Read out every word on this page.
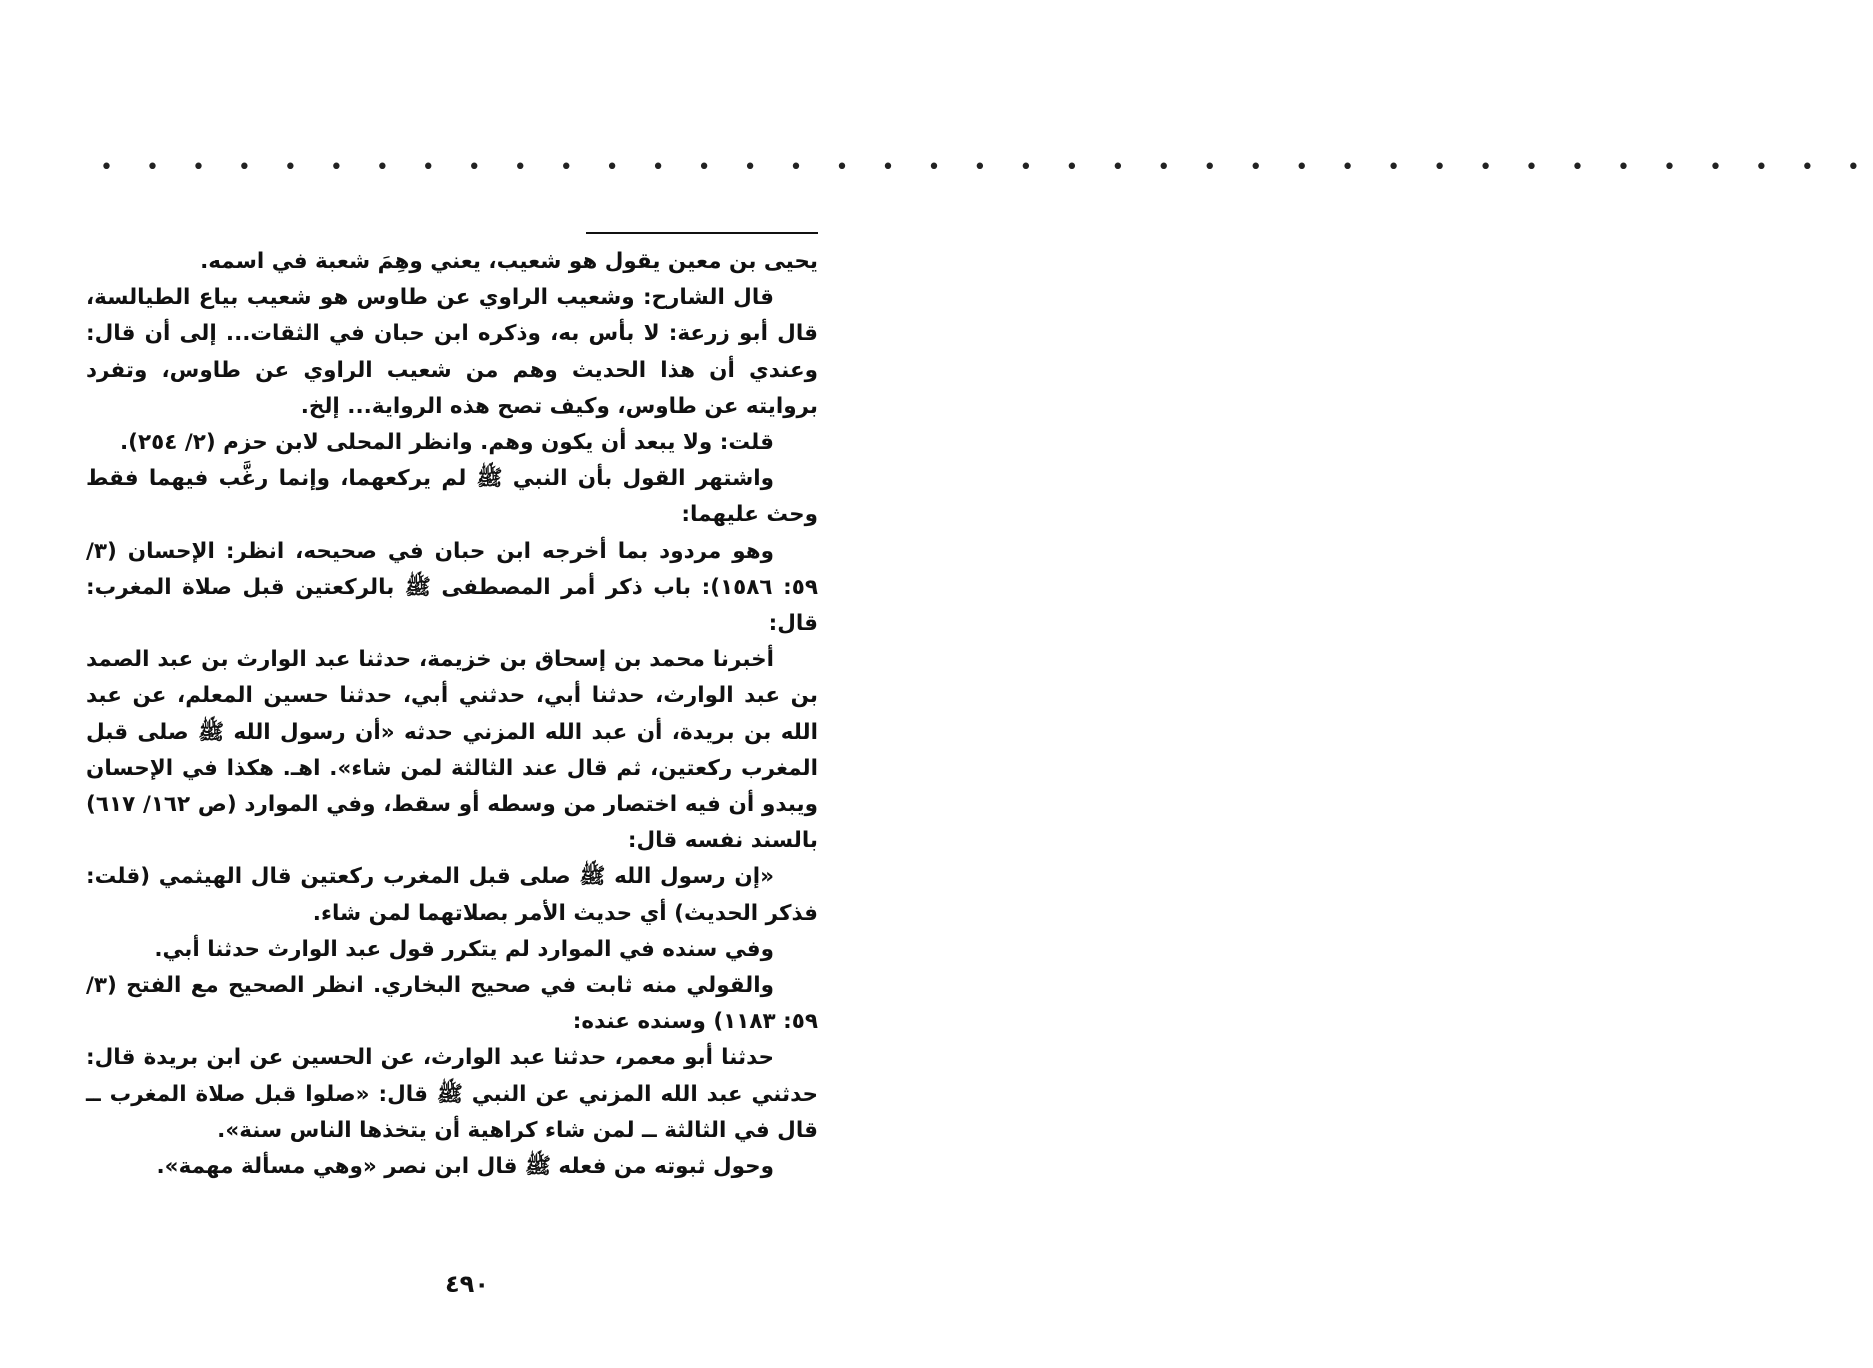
• • • • • • • • • • • • • • • • • • • • • • • • • • • • • • • • • • • • • • •

يحيى بن معين يقول هو شعيب، يعني وهِمَ شعبة في اسمه.

قال الشارح: وشعيب الراوي عن طاوس هو شعيب بياع الطيالسة، قال أبو زرعة: لا بأس به، وذكره ابن حبان في الثقات... إلى أن قال: وعندي أن هذا الحديث وهم من شعيب الراوي عن طاوس، وتفرد بروايته عن طاوس، وكيف تصح هذه الرواية... إلخ.

قلت: ولا يبعد أن يكون وهم. وانظر المحلى لابن حزم (٢/ ٢٥٤).

واشتهر القول بأن النبي ﷺ لم يركعهما، وإنما رغَّب فيهما فقط وحث عليهما:

وهو مردود بما أخرجه ابن حبان في صحيحه، انظر: الإحسان (٣/ ٥٩: ١٥٨٦): باب ذكر أمر المصطفى ﷺ بالركعتين قبل صلاة المغرب: قال:

أخبرنا محمد بن إسحاق بن خزيمة، حدثنا عبد الوارث بن عبد الصمد بن عبد الوارث، حدثنا أبي، حدثني أبي، حدثنا حسين المعلم، عن عبد الله بن بريدة، أن عبد الله المزني حدثه «أن رسول الله ﷺ صلى قبل المغرب ركعتين، ثم قال عند الثالثة لمن شاء». اهـ. هكذا في الإحسان ويبدو أن فيه اختصار من وسطه أو سقط، وفي الموارد (ص ١٦٢/ ٦١٧) بالسند نفسه قال:

«إن رسول الله ﷺ صلى قبل المغرب ركعتين قال الهيثمي (قلت: فذكر الحديث) أي حديث الأمر بصلاتهما لمن شاء.

وفي سنده في الموارد لم يتكرر قول عبد الوارث حدثنا أبي.

والقولي منه ثابت في صحيح البخاري. انظر الصحيح مع الفتح (٣/ ٥٩: ١١٨٣) وسنده عنده:

حدثنا أبو معمر، حدثنا عبد الوارث، عن الحسين عن ابن بريدة قال: حدثني عبد الله المزني عن النبي ﷺ قال: «صلوا قبل صلاة المغرب ــ قال في الثالثة ــ لمن شاء كراهية أن يتخذها الناس سنة».

وحول ثبوته من فعله ﷺ قال ابن نصر «وهي مسألة مهمة».

٤٩٠
